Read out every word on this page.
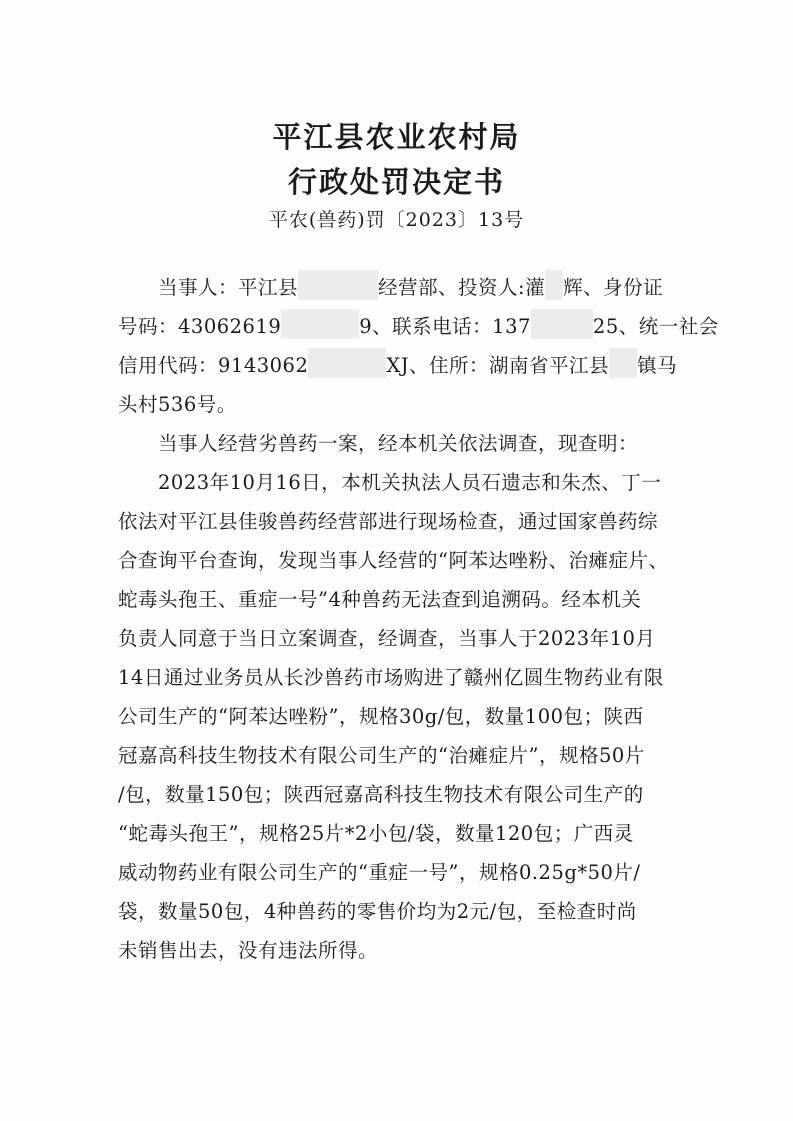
平江县农业农村局
行政处罚决定书
平农(兽药)罚〔2023〕13号
当事人：平江县	经营部、投资人:灌 辉、身份证
号码：43062619	9、联系电话：137	25、统一社会
信用代码：9143062	XJ、住所：湖南省平江县 镇马
头村536号。
当事人经营劣兽药一案，经本机关依法调查，现查明：
2023年10月16日，本机关执法人员石遗志和朱杰、丁一
依法对平江县佳骏兽药经营部进行现场检查，通过国家兽药综
合查询平台查询，发现当事人经营的“阿苯达唑粉、治瘫症片、
蛇毒头孢王、重症一号”4种兽药无法查到追溯码。经本机关
负责人同意于当日立案调查，经调查，当事人于2023年10月
14日通过业务员从长沙兽药市场购进了赣州亿圆生物药业有限
公司生产的“阿苯达唑粉”，规格30g/包，数量100包；陕西
冠嘉高科技生物技术有限公司生产的“治瘫症片”，规格50片
/包，数量150包；陕西冠嘉高科技生物技术有限公司生产的
“蛇毒头孢王”，规格25片*2小包/袋，数量120包；广西灵
威动物药业有限公司生产的“重症一号”，规格0.25g*50片/
袋，数量50包，4种兽药的零售价均为2元/包，至检查时尚
未销售出去，没有违法所得。
